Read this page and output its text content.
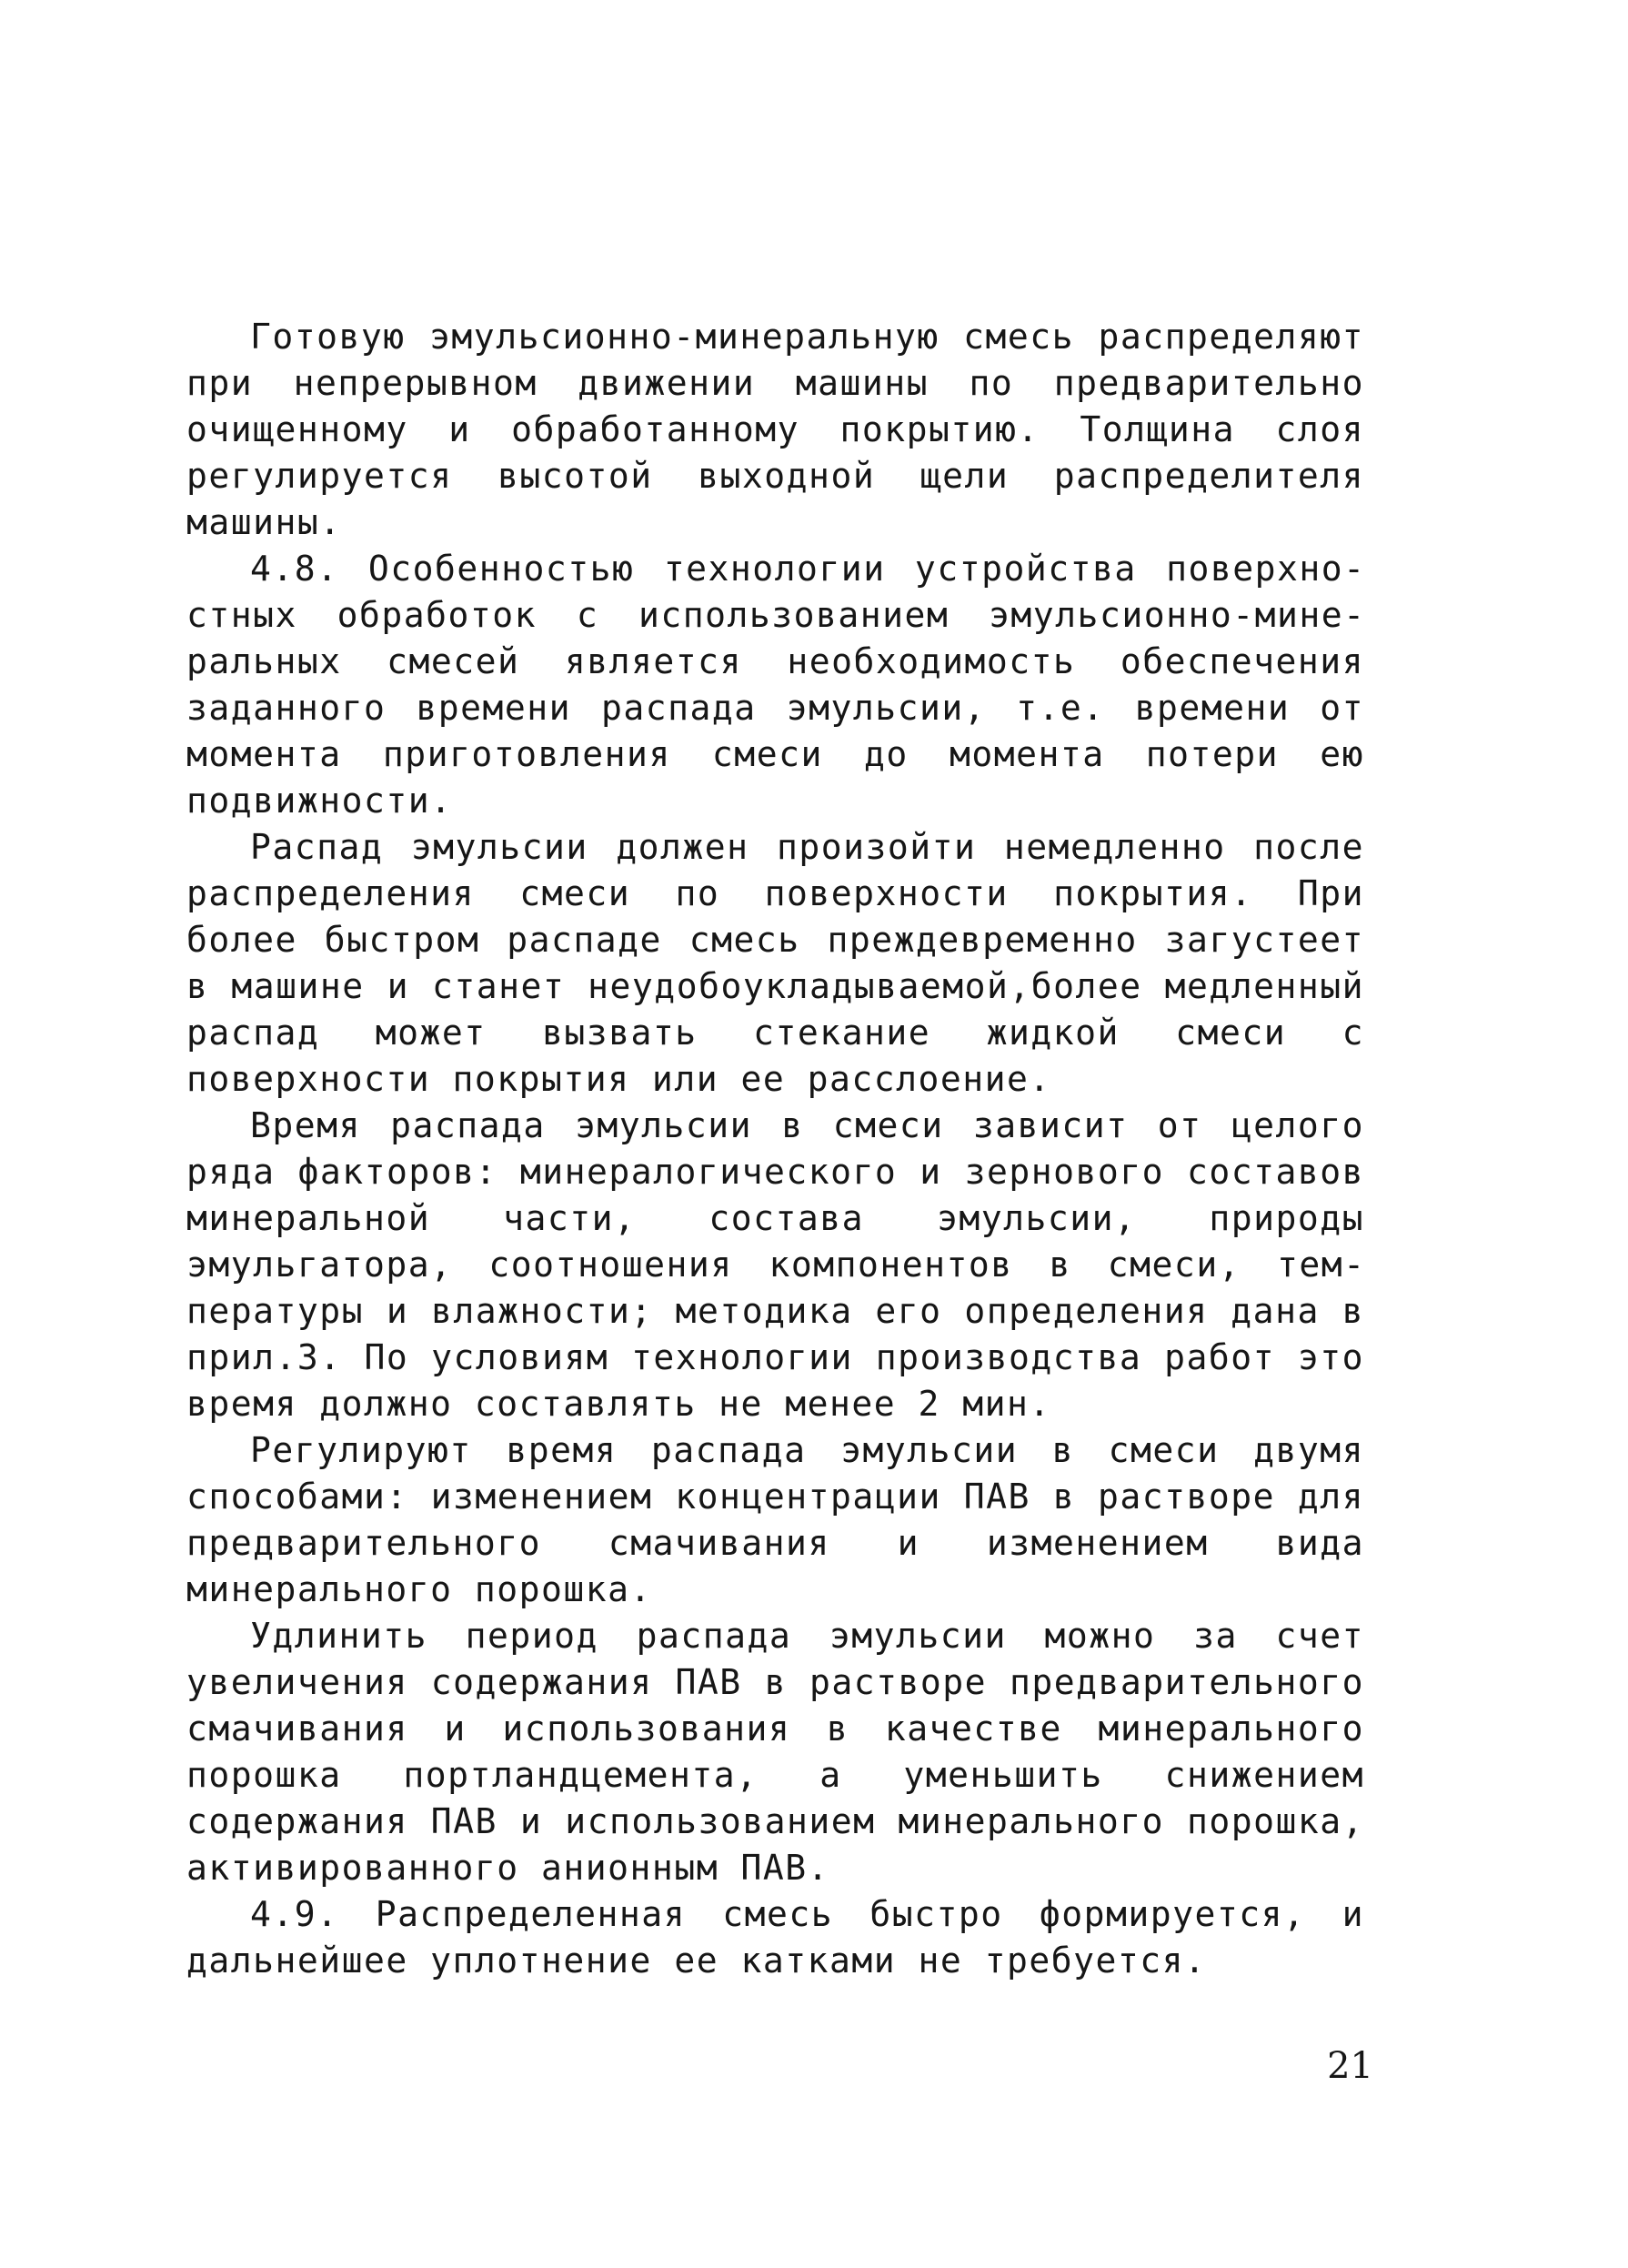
Готовую эмульсионно-минеральную смесь распределяют при непрерывном движении машины по предварительно очищенному и обработанному покрытию. Толщина слоя регулируется высотой выходной щели распределителя машины.

4.8. Особенностью технологии устройства поверхностных обработок с использованием эмульсионно-минеральных смесей является необходимость обеспечения заданного времени распада эмульсии, т.е. времени от момента приготовления смеси до момента потери ею подвижности.

Распад эмульсии должен произойти немедленно после распределения смеси по поверхности покрытия. При более быстром распаде смесь преждевременно загустеет в машине и станет неудобоукладываемой,более медленный распад может вызвать стекание жидкой смеси с поверхности покрытия или ее расслоение.

Время распада эмульсии в смеси зависит от целого ряда факторов: минералогического и зернового составов минеральной части, состава эмульсии, природы эмульгатора, соотношения компонентов в смеси, температуры и влажности; методика его определения дана в прил.3. По условиям технологии производства работ это время должно составлять не менее 2 мин.

Регулируют время распада эмульсии в смеси двумя способами: изменением концентрации ПАВ в растворе для предварительного смачивания и изменением вида минерального порошка.

Удлинить период распада эмульсии можно за счет увеличения содержания ПАВ в растворе предварительного смачивания и использования в качестве минерального порошка портландцемента, а уменьшить снижением содержания ПАВ и использованием минерального порошка, активированного анионным ПАВ.

4.9. Распределенная смесь быстро формируется, и дальнейшее уплотнение ее катками не требуется.

21
